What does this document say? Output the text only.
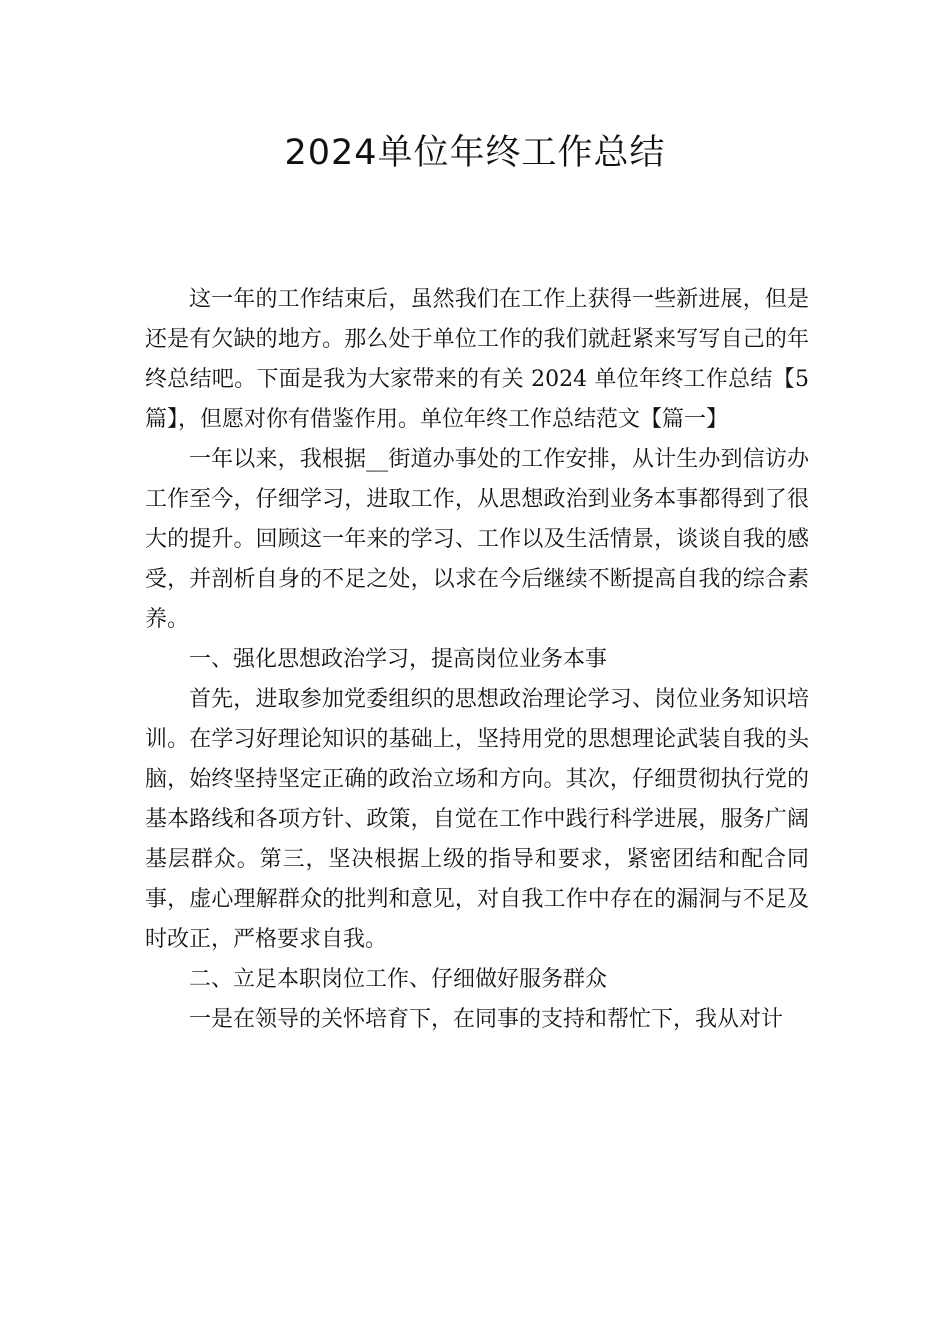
2024单位年终工作总结

这一年的工作结束后，虽然我们在工作上获得一些新进展，但是还是有欠缺的地方。那么处于单位工作的我们就赶紧来写写自己的年终总结吧。下面是我为大家带来的有关 2024 单位年终工作总结【5篇】，但愿对你有借鉴作用。单位年终工作总结范文【篇一】

一年以来，我根据__街道办事处的工作安排，从计生办到信访办工作至今，仔细学习，进取工作，从思想政治到业务本事都得到了很大的提升。回顾这一年来的学习、工作以及生活情景，谈谈自我的感受，并剖析自身的不足之处，以求在今后继续不断提高自我的综合素养。

一、强化思想政治学习，提高岗位业务本事

首先，进取参加党委组织的思想政治理论学习、岗位业务知识培训。在学习好理论知识的基础上，坚持用党的思想理论武装自我的头脑，始终坚持坚定正确的政治立场和方向。其次，仔细贯彻执行党的基本路线和各项方针、政策，自觉在工作中践行科学进展，服务广阔基层群众。第三，坚决根据上级的指导和要求，紧密团结和配合同事，虚心理解群众的批判和意见，对自我工作中存在的漏洞与不足及时改正，严格要求自我。

二、立足本职岗位工作、仔细做好服务群众

一是在领导的关怀培育下，在同事的支持和帮忙下，我从对计
